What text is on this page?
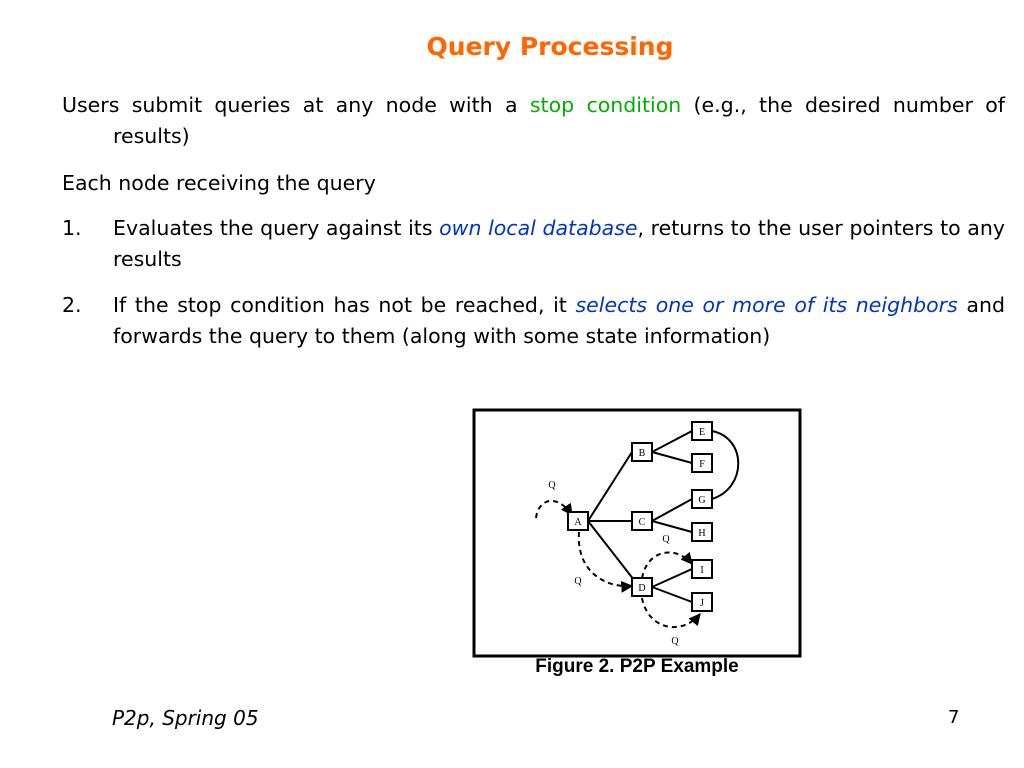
Query Processing
Users submit queries at any node with a stop condition (e.g., the desired number of results)
Each node receiving the query
1. Evaluates the query against its own local database, returns to the user pointers to any results
2. If the stop condition has not be reached, it selects one or more of its neighbors and forwards the query to them (along with some state information)
A
B
C
D
E
F
G
H
I
J
Q
Q
Q
Q
Figure 2. P2P Example
P2p, Spring 05	7
